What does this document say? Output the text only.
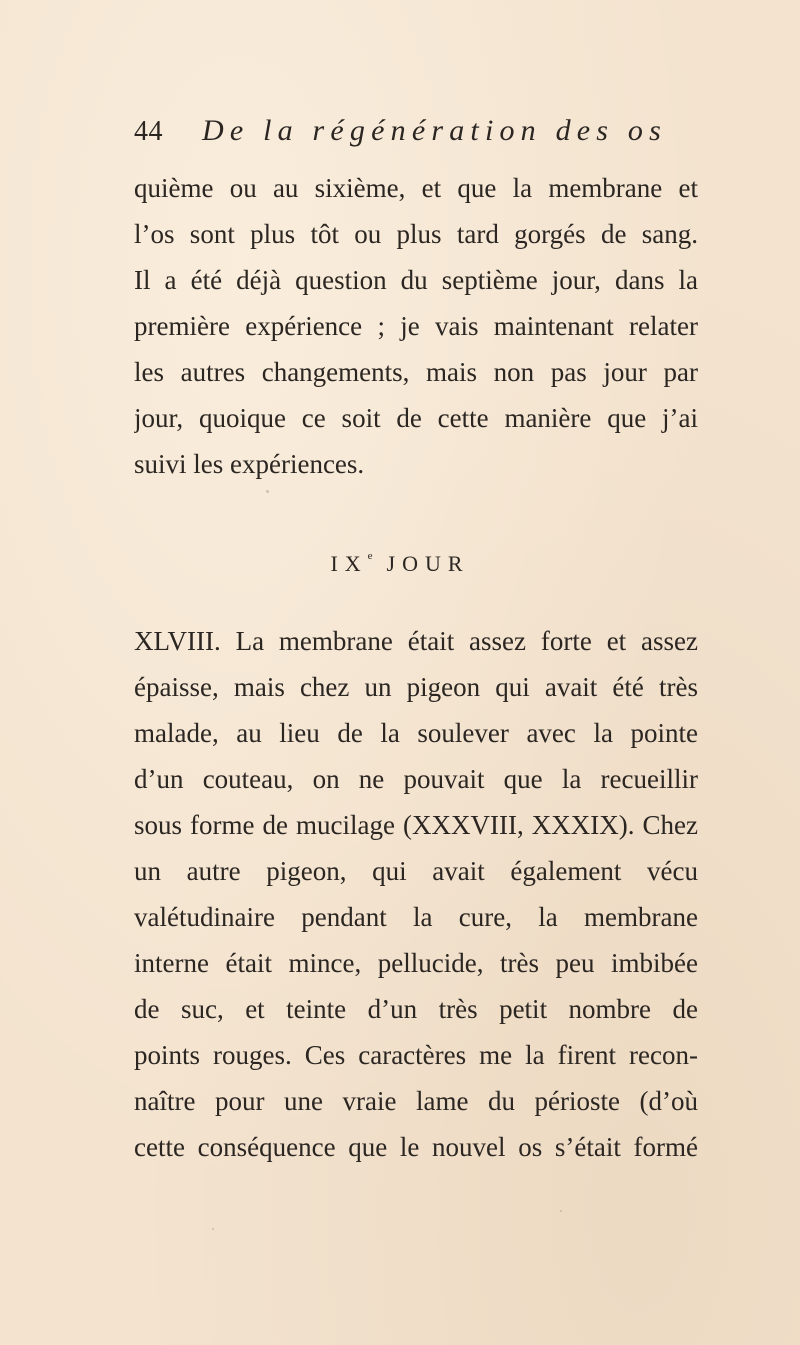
44 De la régénération des os
quième ou au sixième, et que la membrane et
l’os sont plus tôt ou plus tard gorgés de sang.
Il a été déjà question du septième jour, dans la
première expérience ; je vais maintenant relater
les autres changements, mais non pas jour par
jour, quoique ce soit de cette manière que j’ai
suivi les expériences.
IXe JOUR
XLVIII. La membrane était assez forte et assez
épaisse, mais chez un pigeon qui avait été très
malade, au lieu de la soulever avec la pointe
d’un couteau, on ne pouvait que la recueillir
sous forme de mucilage (XXXVIII, XXXIX). Chez
un autre pigeon, qui avait également vécu
valétudinaire pendant la cure, la membrane
interne était mince, pellucide, très peu imbibée
de suc, et teinte d’un très petit nombre de
points rouges. Ces caractères me la firent recon-
naître pour une vraie lame du périoste (d’où
cette conséquence que le nouvel os s’était formé
